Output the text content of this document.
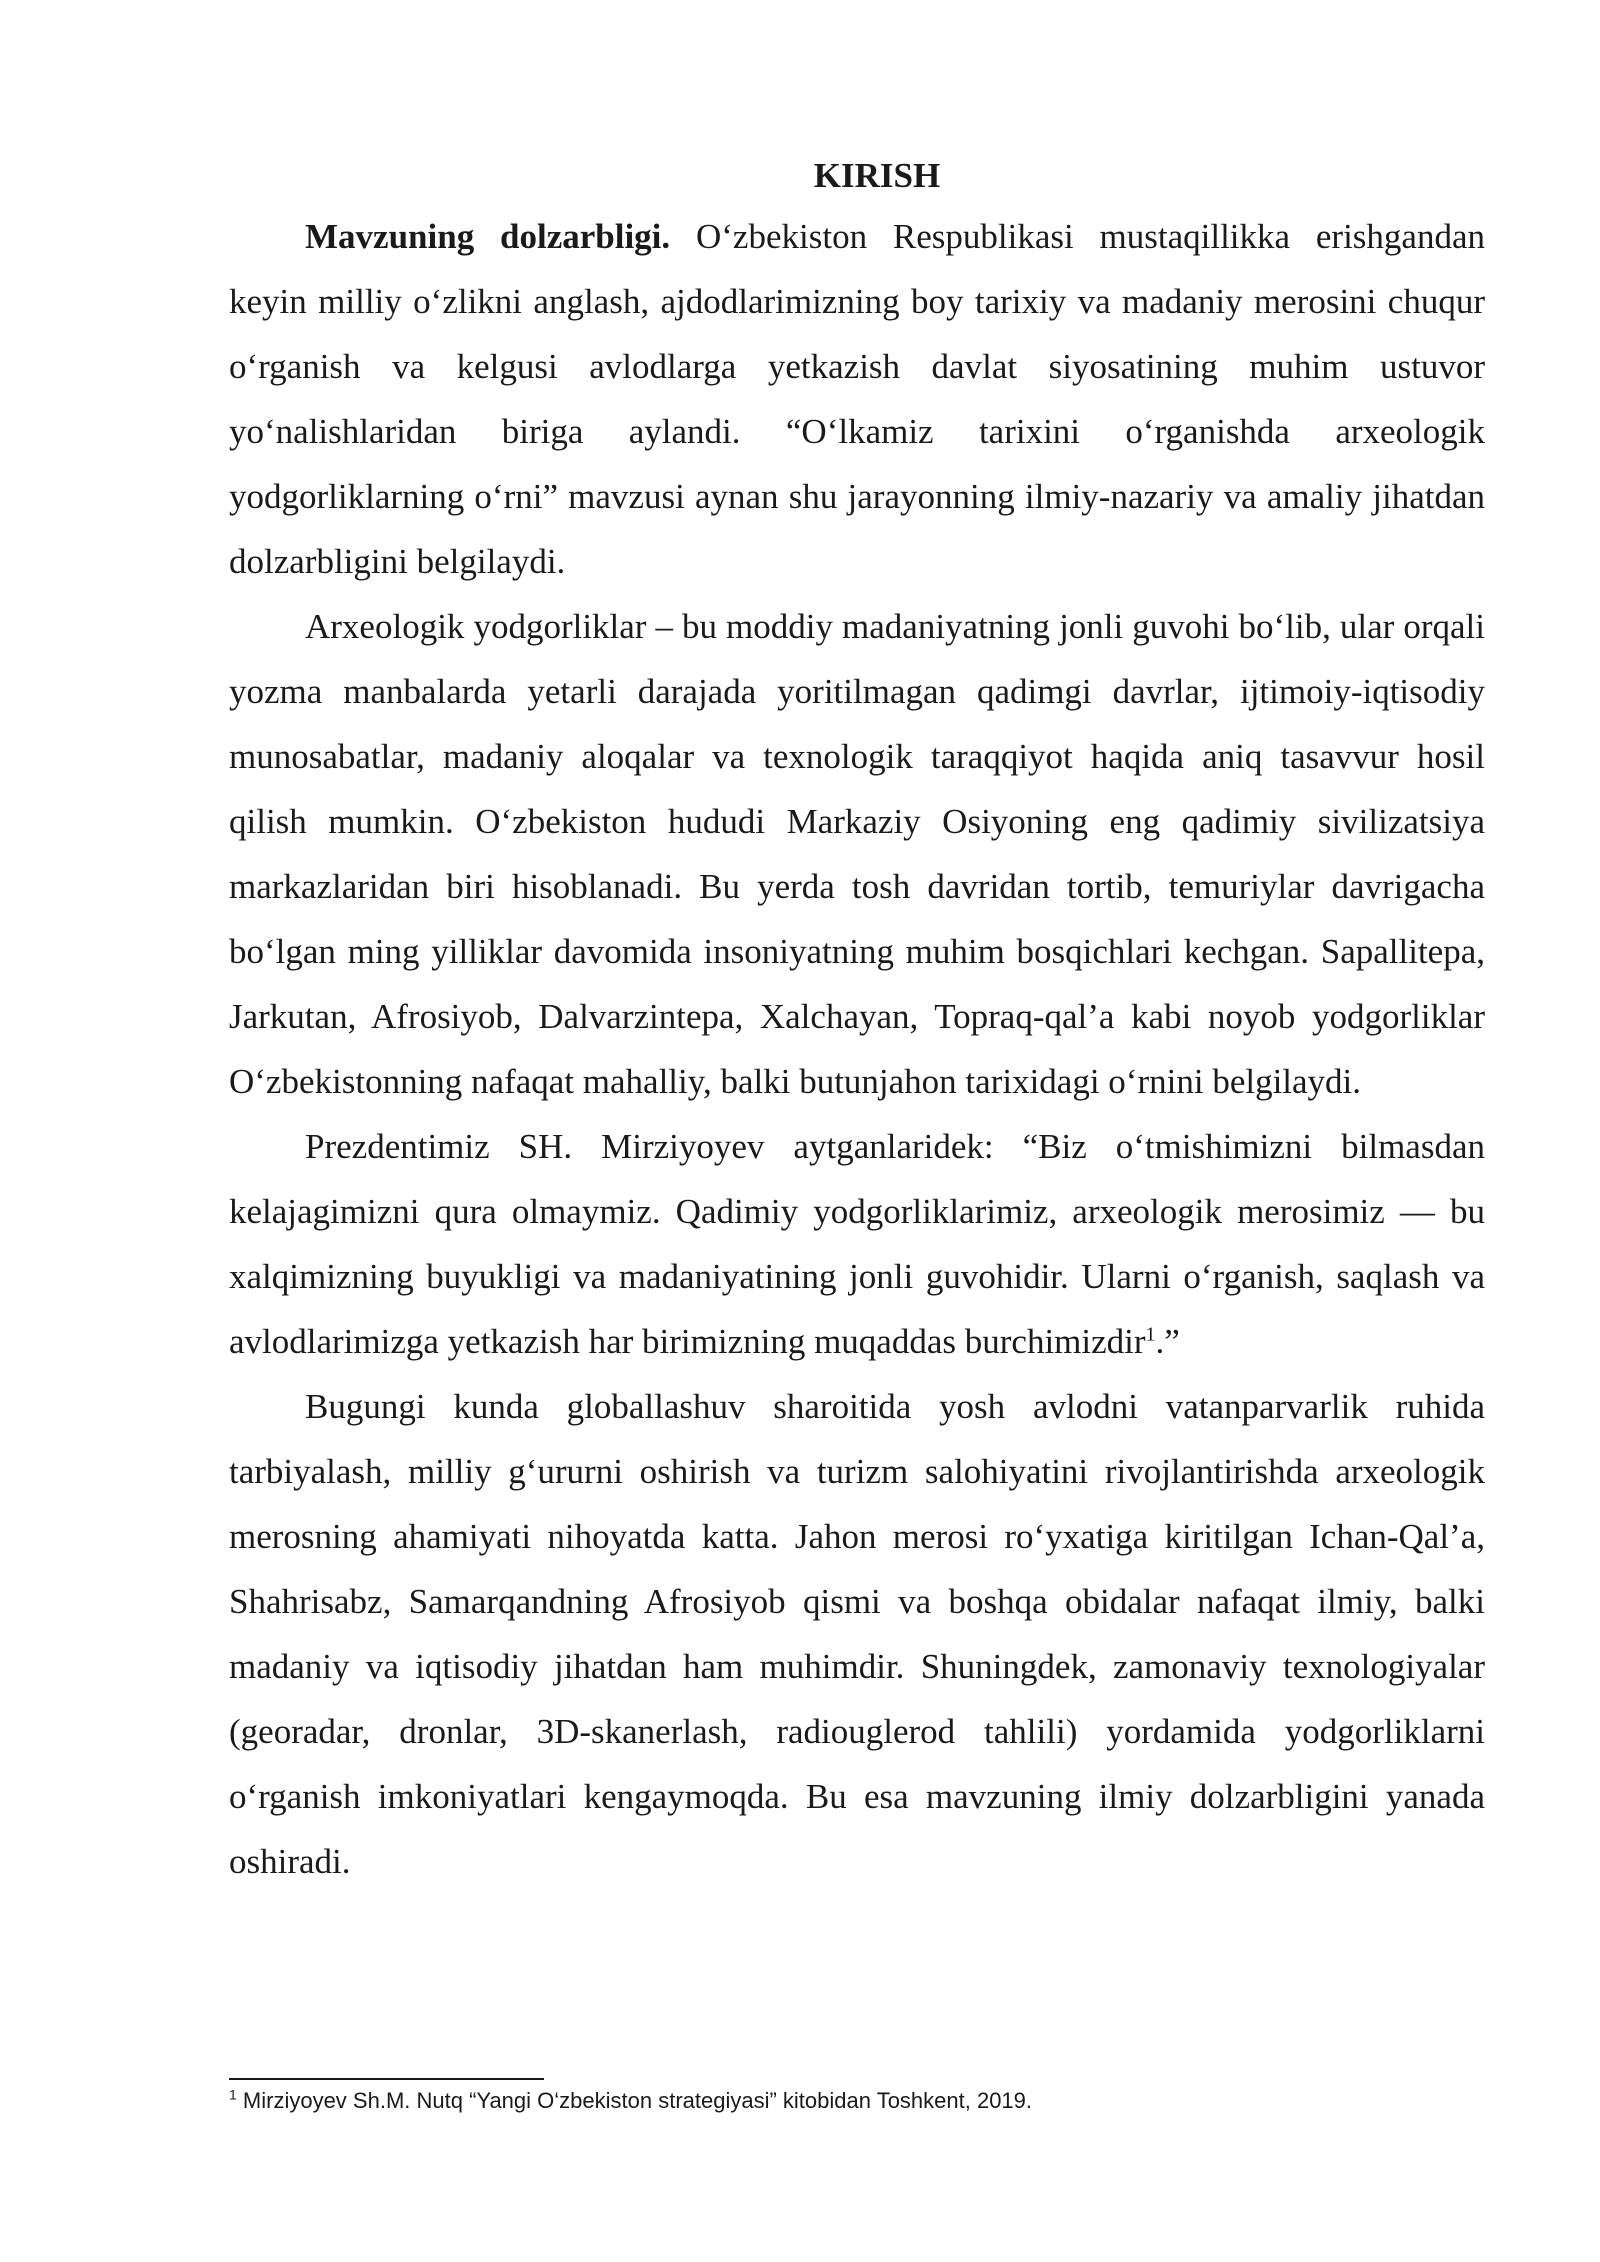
KIRISH

Mavzuning dolzarbligi. O‘zbekiston Respublikasi mustaqillikka erishgandan keyin milliy o‘zlikni anglash, ajdodlarimizning boy tarixiy va madaniy merosini chuqur o‘rganish va kelgusi avlodlarga yetkazish davlat siyosatining muhim ustuvor yo‘nalishlaridan biriga aylandi. “O‘lkamiz tarixini o‘rganishda arxeologik yodgorliklarning o‘rni” mavzusi aynan shu jarayonning ilmiy-nazariy va amaliy jihatdan dolzarbligini belgilaydi.

Arxeologik yodgorliklar – bu moddiy madaniyatning jonli guvohi bo‘lib, ular orqali yozma manbalarda yetarli darajada yoritilmagan qadimgi davrlar, ijtimoiy-iqtisodiy munosabatlar, madaniy aloqalar va texnologik taraqqiyot haqida aniq tasavvur hosil qilish mumkin. O‘zbekiston hududi Markaziy Osiyoning eng qadimiy sivilizatsiya markazlaridan biri hisoblanadi. Bu yerda tosh davridan tortib, temuriylar davrigacha bo‘lgan ming yilliklar davomida insoniyatning muhim bosqichlari kechgan. Sapallitepa, Jarkutan, Afrosiyob, Dalvarzintepa, Xalchayan, Topraq-qal’a kabi noyob yodgorliklar O‘zbekistonning nafaqat mahalliy, balki butunjahon tarixidagi o‘rnini belgilaydi.

Prezdentimiz SH. Mirziyoyev aytganlaridek: “Biz o‘tmishimizni bilmasdan kelajagimizni qura olmaymiz. Qadimiy yodgorliklarimiz, arxeologik merosimiz — bu xalqimizning buyukligi va madaniyatining jonli guvohidir. Ularni o‘rganish, saqlash va avlodlarimizga yetkazish har birimizning muqaddas burchimizdir$^1$.”

Bugungi kunda globallashuv sharoitida yosh avlodni vatanparvarlik ruhida tarbiyalash, milliy g‘ururni oshirish va turizm salohiyatini rivojlantirishda arxeologik merosning ahamiyati nihoyatda katta. Jahon merosi ro‘yxatiga kiritilgan Ichan-Qal’a, Shahrisabz, Samarqandning Afrosiyob qismi va boshqa obidalar nafaqat ilmiy, balki madaniy va iqtisodiy jihatdan ham muhimdir. Shuningdek, zamonaviy texnologiyalar (georadar, dronlar, 3D-skanerlash, radiouglerod tahlili) yordamida yodgorliklarni o‘rganish imkoniyatlari kengaymoqda. Bu esa mavzuning ilmiy dolzarbligini yanada oshiradi.

$^1$ Mirziyoyev Sh.M. Nutq “Yangi O‘zbekiston strategiyasi” kitobidan Toshkent, 2019.
